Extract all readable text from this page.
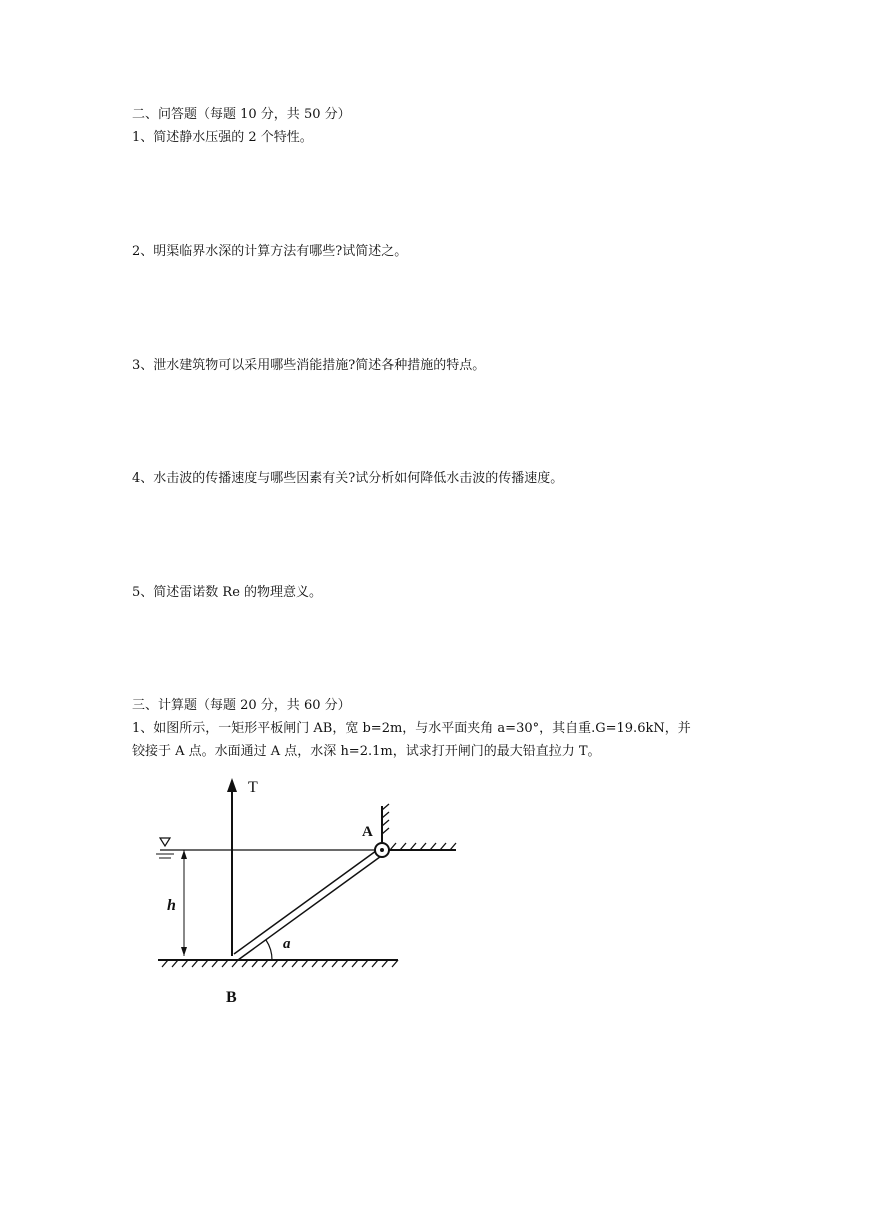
二、问答题（每题 10 分，共 50 分）
1、简述静水压强的 2 个特性。
2、明渠临界水深的计算方法有哪些?试简述之。
3、泄水建筑物可以采用哪些消能措施?简述各种措施的特点。
4、水击波的传播速度与哪些因素有关?试分析如何降低水击波的传播速度。
5、简述雷诺数 Re 的物理意义。
三、计算题（每题 20 分，共 60 分）
1、如图所示，一矩形平板闸门 AB，宽 b=2m，与水平面夹角 a=30°，其自重.G=19.6kN，并
铰接于 A 点。水面通过 A 点，水深 h=2.1m，试求打开闸门的最大铅直拉力 T。
T
h
A
a
B
